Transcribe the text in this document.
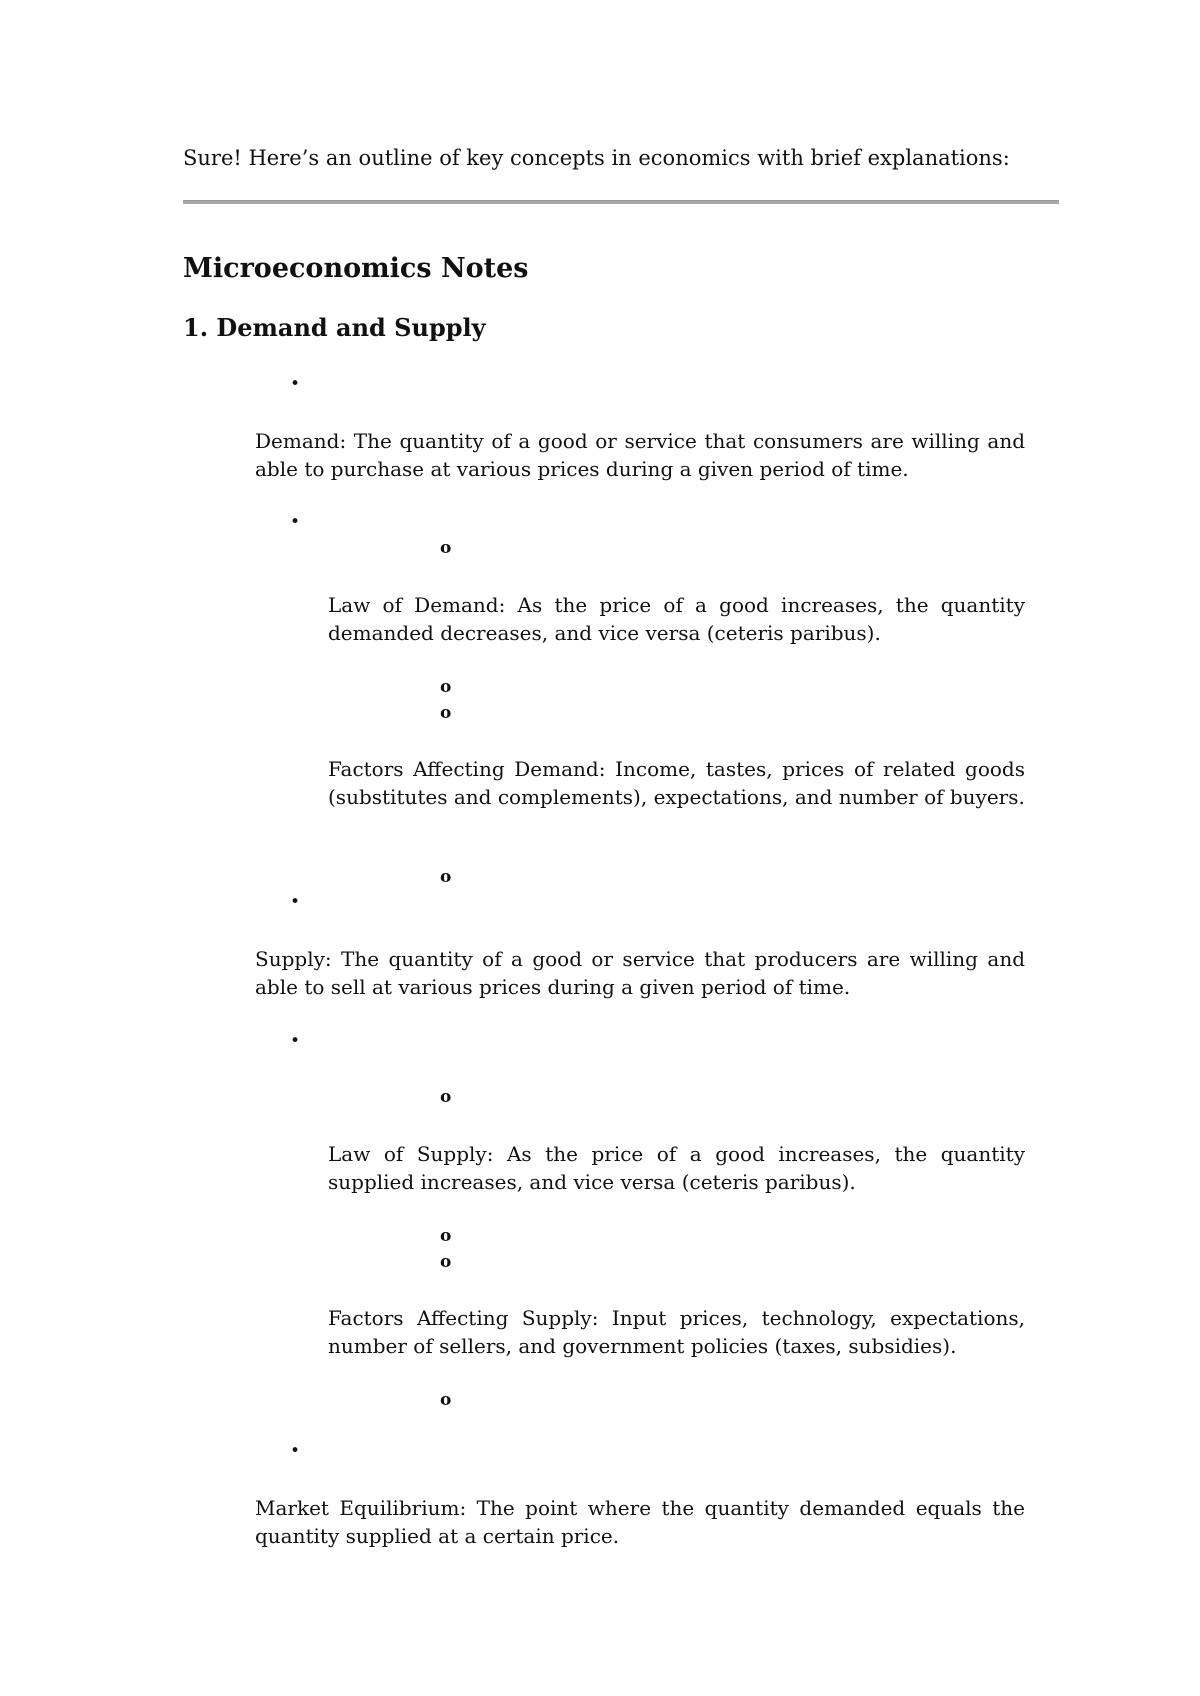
Sure! Here’s an outline of key concepts in economics with brief explanations:
Microeconomics Notes
1. Demand and Supply
•
Demand: The quantity of a good or service that consumers are willing and able to purchase at various prices during a given period of time.
•
o
Law of Demand: As the price of a good increases, the quantity demanded decreases, and vice versa (ceteris paribus).
o
o
Factors Affecting Demand: Income, tastes, prices of related goods (substitutes and complements), expectations, and number of buyers.
o
•
Supply: The quantity of a good or service that producers are willing and able to sell at various prices during a given period of time.
•
o
Law of Supply: As the price of a good increases, the quantity supplied increases, and vice versa (ceteris paribus).
o
o
Factors Affecting Supply: Input prices, technology, expectations, number of sellers, and government policies (taxes, subsidies).
o
•
Market Equilibrium: The point where the quantity demanded equals the quantity supplied at a certain price.
